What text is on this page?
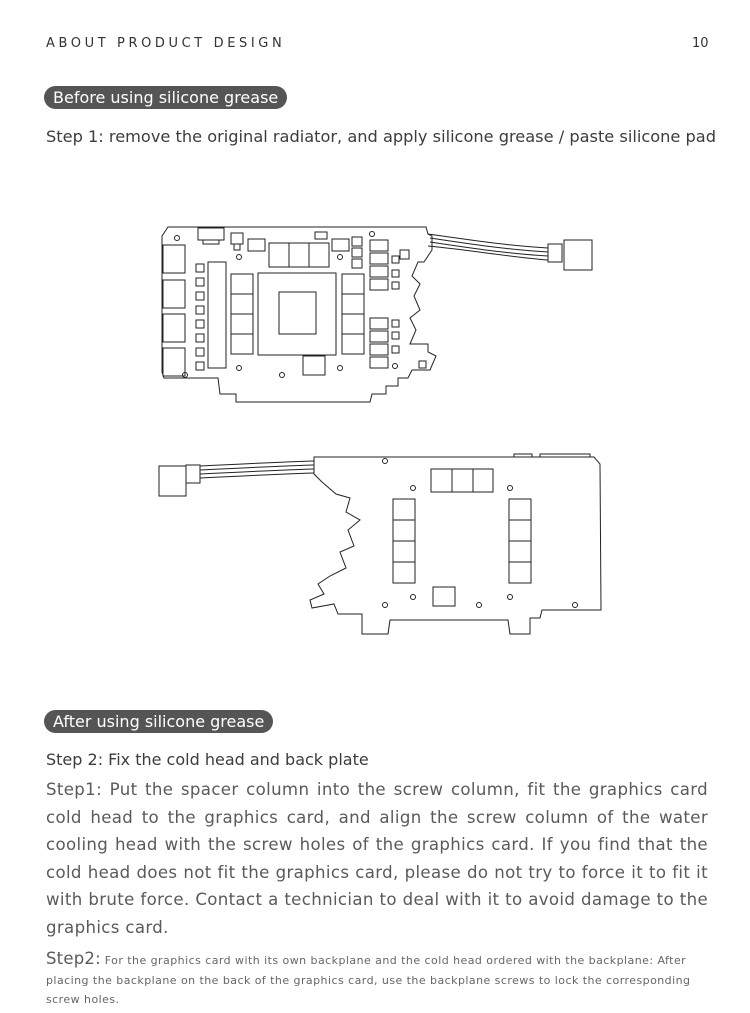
ABOUT PRODUCT DESIGN	10
Before using silicone grease
Step 1: remove the original radiator, and apply silicone grease / paste silicone pad
After using silicone grease
Step 2: Fix the cold head and back plate

Step1: Put the spacer column into the screw column, fit the graphics card cold head to the graphics card, and align the screw column of the water cooling head with the screw holes of the graphics card. If you find that the cold head does not fit the graphics card, please do not try to force it to fit it with brute force. Contact a technician to deal with it to avoid damage to the graphics card.

Step2: For the graphics card with its own backplane and the cold head ordered with the backplane: After placing the backplane on the back of the graphics card, use the backplane screws to lock the corresponding screw holes.
